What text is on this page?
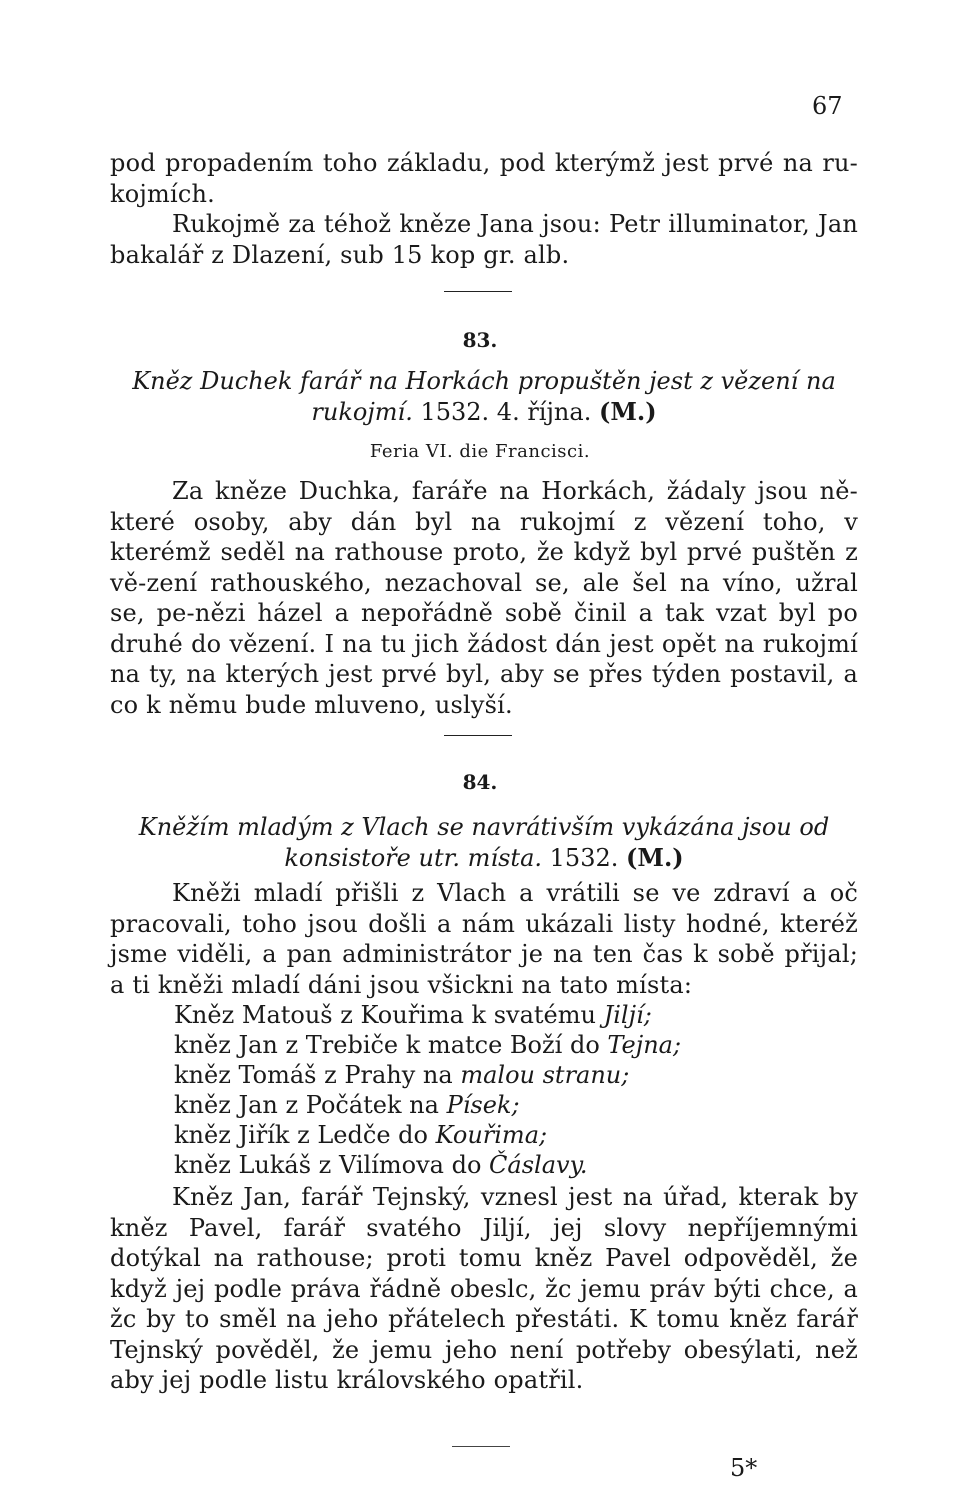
67

pod propadením toho základu, pod kterýmž jest prvé na ru-kojmích.

Rukojmě za téhož kněze Jana jsou: Petr illuminator, Jan bakalář z Dlazení, sub 15 kop gr. alb.

83.
Kněz Duchek farář na Horkách propuštěn jest z vězení na
rukojmí. 1532. 4. října. (M.)
Feria VI. die Francisci.

Za kněze Duchka, faráře na Horkách, žádaly jsou ně-které osoby, aby dán byl na rukojmí z vězení toho, v kterémž seděl na rathouse proto, že když byl prvé puštěn z vě-zení rathouského, nezachoval se, ale šel na víno, užral se, pe-nězi házel a nepořádně sobě činil a tak vzat byl po druhé do vězení. I na tu jich žádost dán jest opět na rukojmí na ty, na kterých jest prvé byl, aby se přes týden postavil, a co k němu bude mluveno, uslyší.

84.
Kněžím mladým z Vlach se navrátivším vykázána jsou od
konsistoře utr. místa. 1532. (M.)

Kněži mladí přišli z Vlach a vrátili se ve zdraví a oč pracovali, toho jsou došli a nám ukázali listy hodné, kteréž jsme viděli, a pan administrátor je na ten čas k sobě přijal; a ti kněži mladí dáni jsou všickni na tato místa:

Kněz Matouš z Kouřima k svatému Jiljí;

kněz Jan z Trebiče k matce Boží do Tejna;

kněz Tomáš z Prahy na malou stranu;

kněz Jan z Počátek na Písek;

kněz Jiřík z Ledče do Kouřima;

kněz Lukáš z Vilímova do Čáslavy.

Kněz Jan, farář Tejnský, vznesl jest na úřad, kterak by kněz Pavel, farář svatého Jiljí, jej slovy nepříjemnými dotýkal na rathouse; proti tomu kněz Pavel odpověděl, že když jej podle práva řádně obeslc, žc jemu práv býti chce, a žc by to směl na jeho přátelech přestáti. K tomu kněz farář Tejnský pověděl, že jemu jeho není potřeby obesýlati, než aby jej podle listu královského opatřil.

5*
